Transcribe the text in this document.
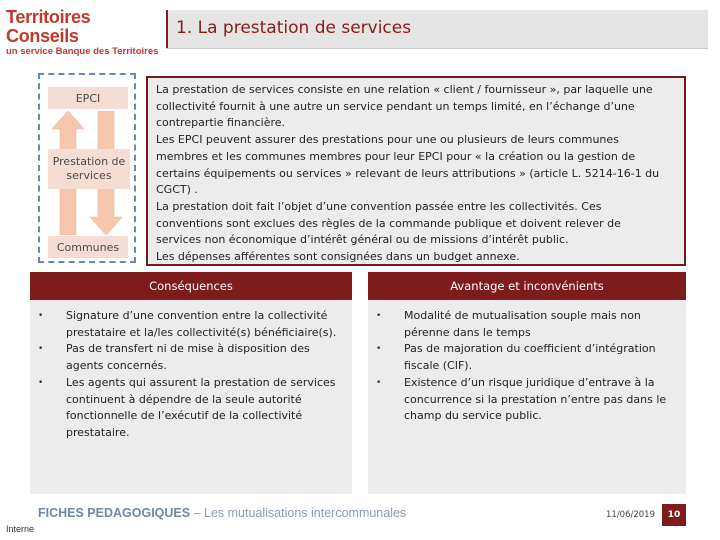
Territoires Conseils
un service Banque des Territoires
1. La prestation de services
EPCI
Prestation de services
Communes
La prestation de services consiste en une relation « client / fournisseur », par laquelle une
collectivité fournit à une autre un service pendant un temps limité, en l’échange d’une
contrepartie financière.
Les EPCI peuvent assurer des prestations pour une ou plusieurs de leurs communes
membres et les communes membres pour leur EPCI pour « la création ou la gestion de
certains équipements ou services » relevant de leurs attributions » (article L. 5214-16-1 du
CGCT) .
La prestation doit fait l’objet d’une convention passée entre les collectivités. Ces
conventions sont exclues des règles de la commande publique et doivent relever de
services non économique d’intérêt général ou de missions d’intérêt public.
Les dépenses afférentes sont consignées dans un budget annexe.
Conséquences	Avantage et inconvénients
•	Signature d’une convention entre la collectivité prestataire et la/les collectivité(s) bénéficiaire(s).
•	Pas de transfert ni de mise à disposition des agents concernés.
•	Les agents qui assurent la prestation de services continuent à dépendre de la seule autorité fonctionnelle de l’exécutif de la collectivité prestataire.
•	Modalité de mutualisation souple mais non pérenne dans le temps
•	Pas de majoration du coefficient d’intégration fiscale (CIF).
•	Existence d’un risque juridique d’entrave à la concurrence si la prestation n’entre pas dans le champ du service public.
FICHES PEDAGOGIQUES – Les mutualisations intercommunales	11/06/2019	10
Interne
